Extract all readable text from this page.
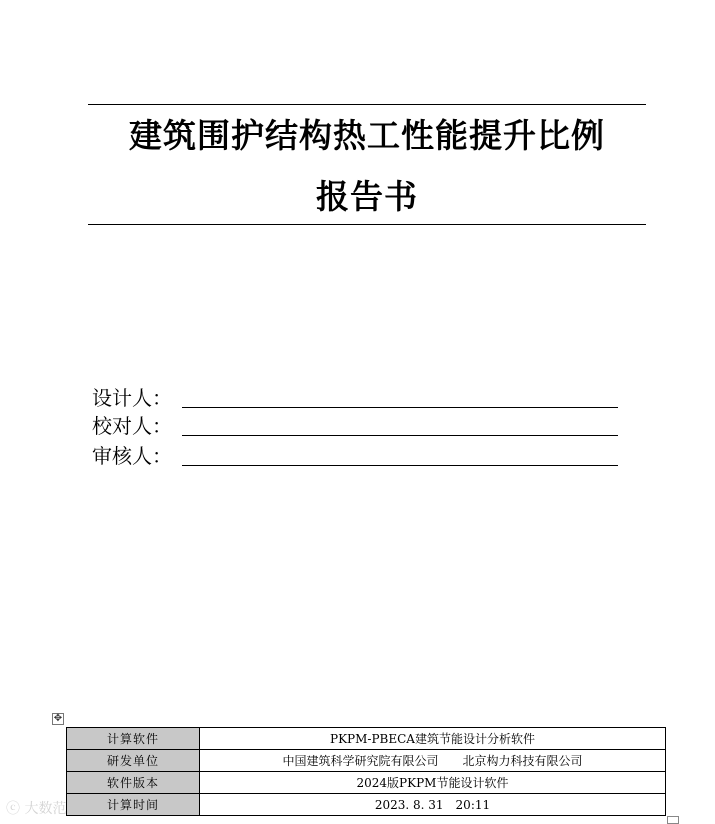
建筑围护结构热工性能提升比例
报告书
设计人：
校对人：
审核人：
✥
计算软件	PKPM-PBECA建筑节能设计分析软件
研发单位	中国建筑科学研究院有限公司　　北京构力科技有限公司
软件版本	2024版PKPM节能设计软件
计算时间	2023. 8. 31　20:11
ⓒ 大数范境
